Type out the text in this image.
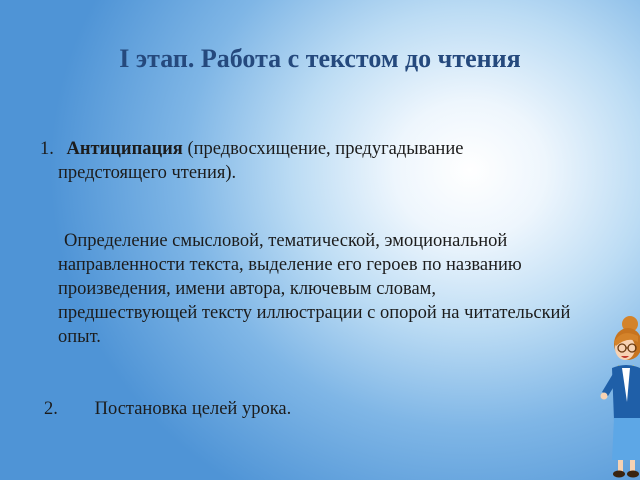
I этап. Работа с текстом до чтения
1. Антиципация (предвосхищение, предугадывание
предстоящего чтения).
Определение смысловой, тематической, эмоциональной направленности текста, выделение его героев по названию произведения, имени автора, ключевым словам, предшествующей тексту иллюстрации с опорой на читательский опыт.
2. Постановка целей урока.
